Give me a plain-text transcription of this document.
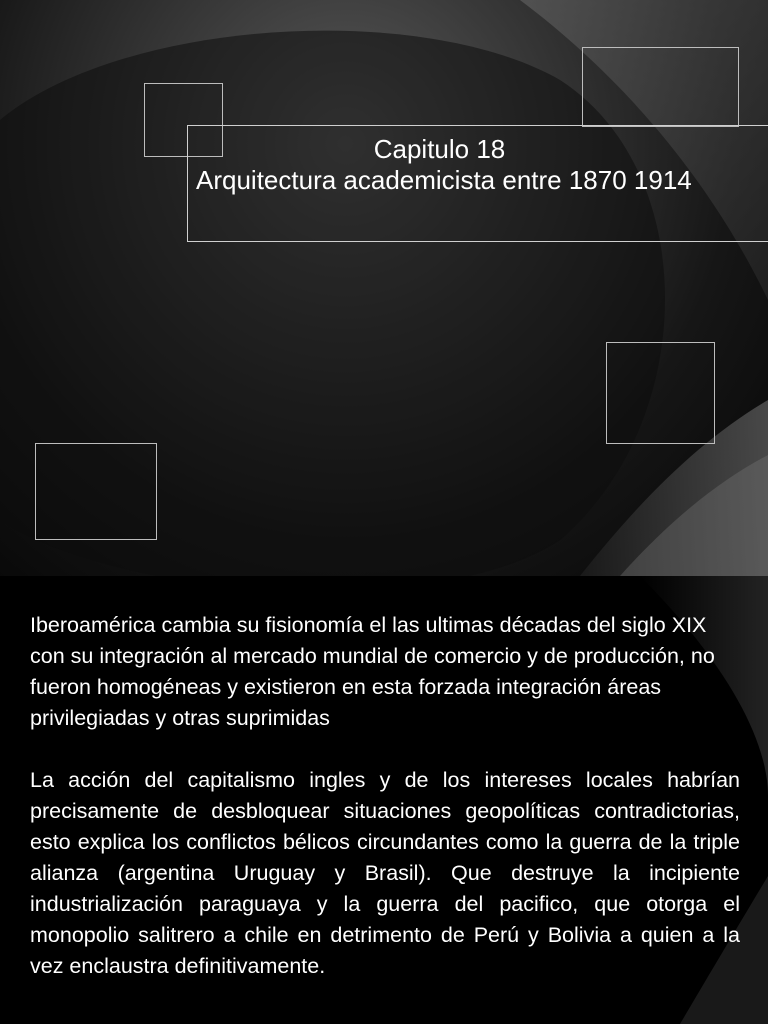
Capitulo 18
Arquitectura academicista entre 1870 1914

Iberoamérica cambia su fisionomía el las ultimas décadas del siglo XIX con su integración al mercado mundial de comercio y de producción, no fueron homogéneas y existieron en esta forzada integración áreas privilegiadas y otras suprimidas

La acción del capitalismo ingles y de los intereses locales habrían precisamente de desbloquear situaciones geopolíticas contradictorias, esto explica los conflictos bélicos circundantes como la guerra de la triple alianza (argentina Uruguay y Brasil). Que destruye la incipiente industrialización paraguaya y la guerra del pacifico, que otorga el monopolio salitrero a chile en detrimento de Perú y Bolivia a quien a la vez enclaustra definitivamente.
